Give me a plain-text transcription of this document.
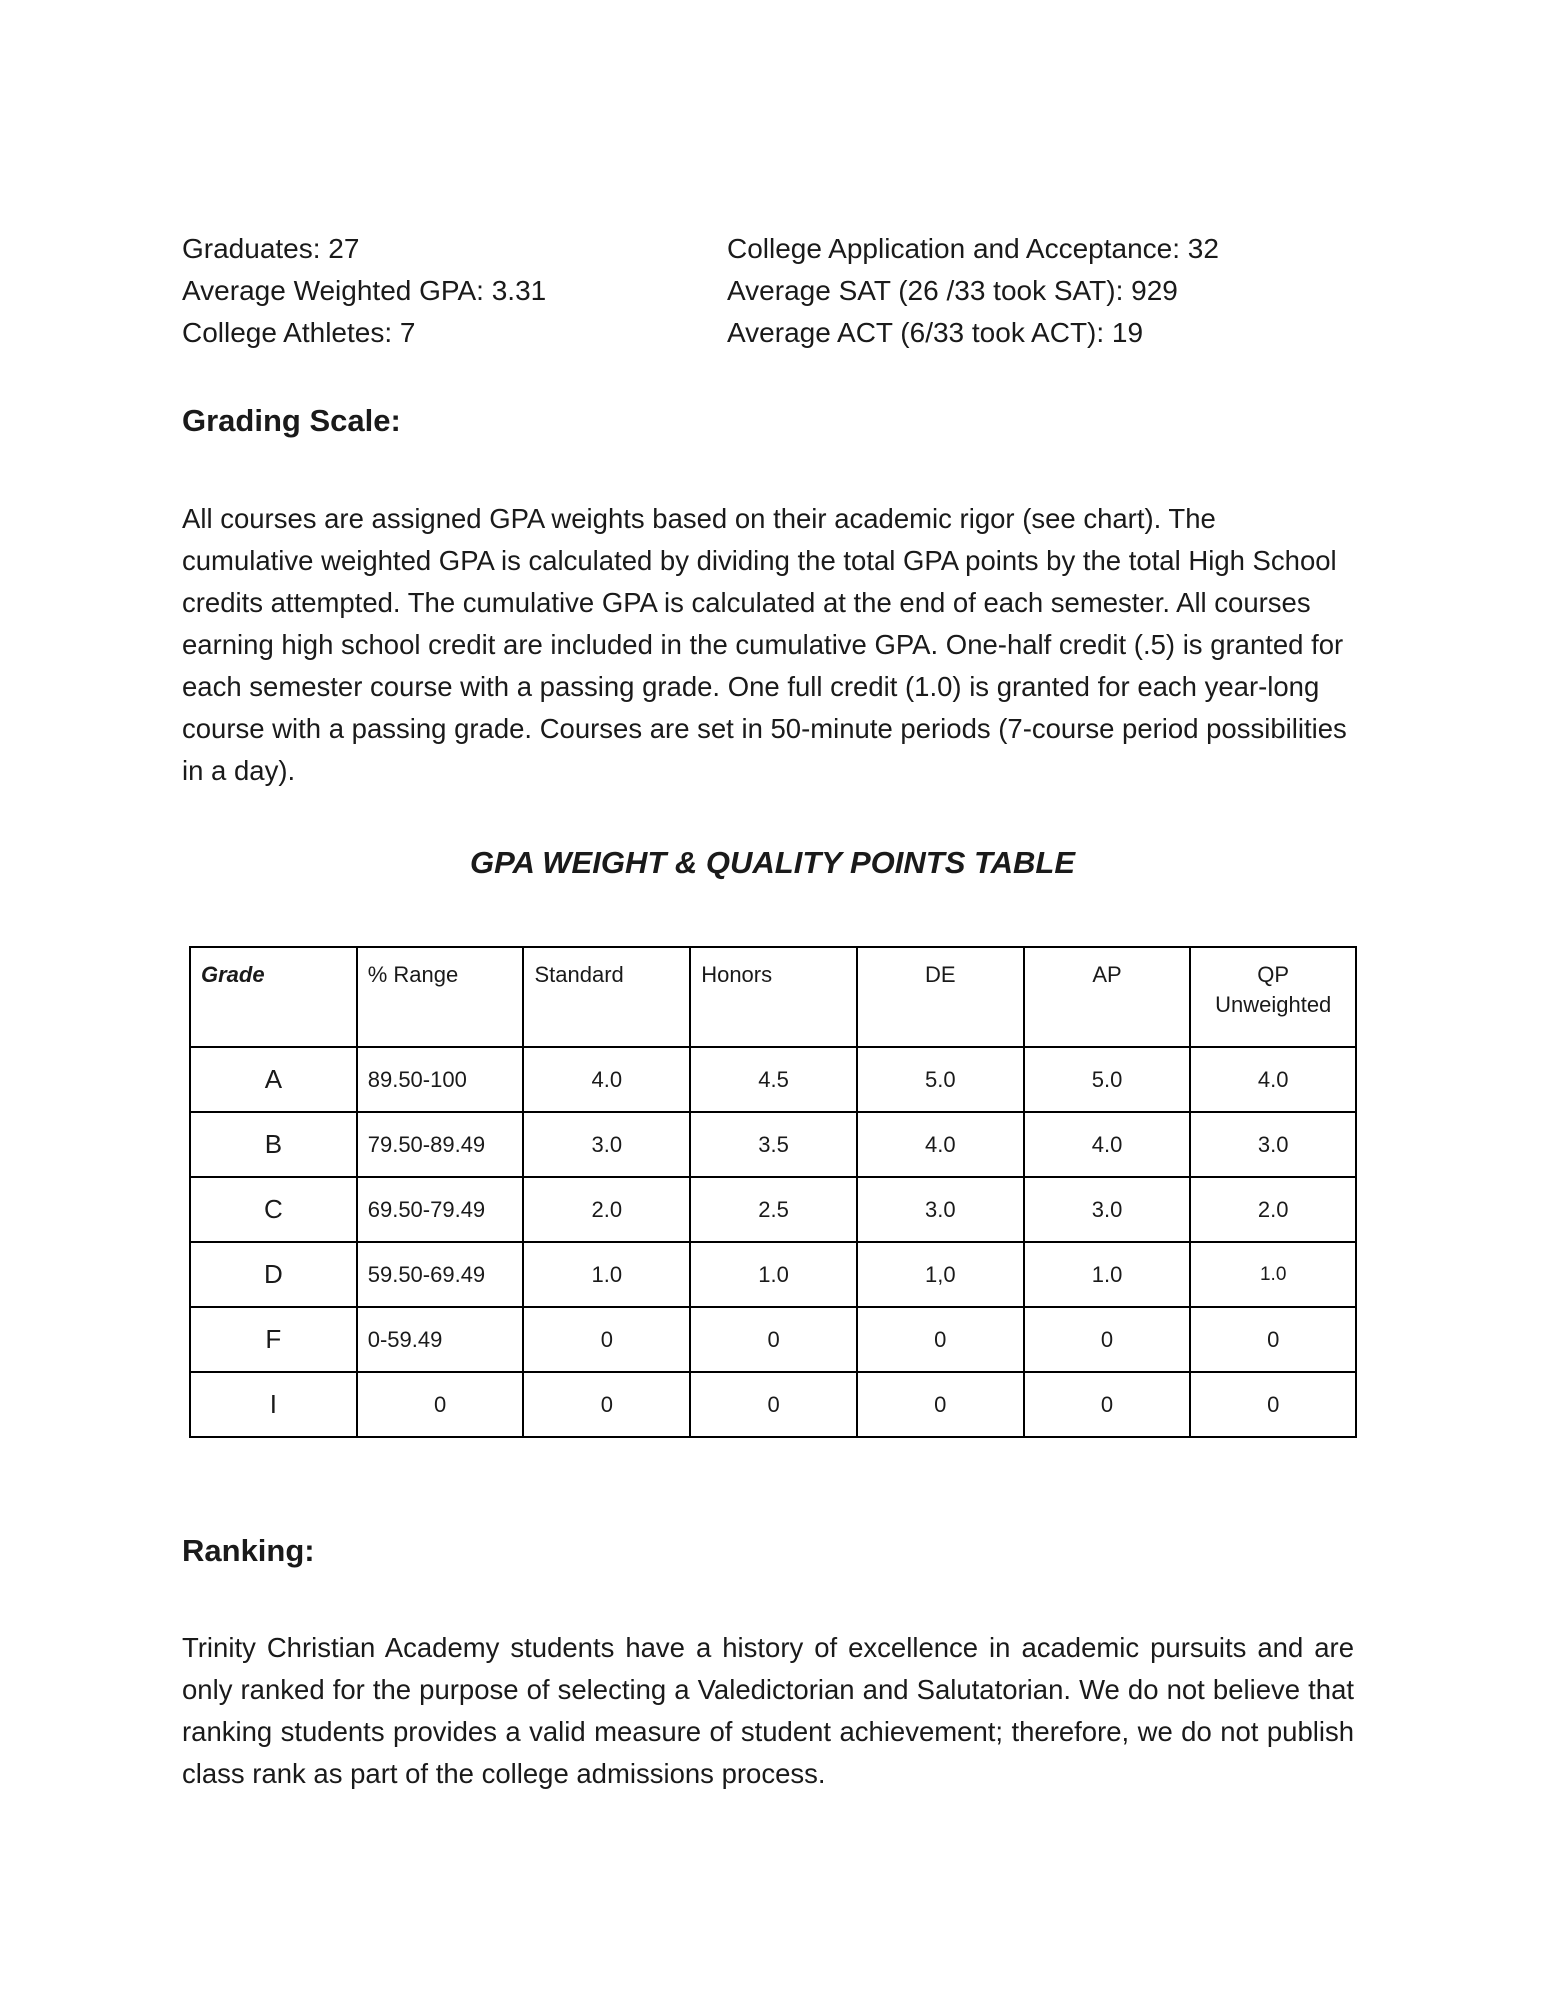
Graduates: 27
Average Weighted GPA: 3.31
College Athletes: 7
College Application and Acceptance: 32
Average SAT (26 /33 took SAT): 929
Average ACT (6/33 took ACT): 19
Grading Scale:

All courses are assigned GPA weights based on their academic rigor (see chart). The cumulative weighted GPA is calculated by dividing the total GPA points by the total High School credits attempted. The cumulative GPA is calculated at the end of each semester. All courses earning high school credit are included in the cumulative GPA. One-half credit (.5) is granted for each semester course with a passing grade. One full credit (1.0) is granted for each year-long course with a passing grade. Courses are set in 50-minute periods (7-course period possibilities in a day).

GPA WEIGHT & QUALITY POINTS TABLE
Grade	% Range	Standard	Honors	DE	AP	QP
Unweighted

A	89.50-100	4.0	4.5	5.0	5.0	4.0
B	79.50-89.49	3.0	3.5	4.0	4.0	3.0
C	69.50-79.49	2.0	2.5	3.0	3.0	2.0
D	59.50-69.49	1.0	1.0	1,0	1.0	1.0
F	0-59.49	0	0	0	0	0
I	0	0	0	0	0	0
Ranking:

Trinity Christian Academy students have a history of excellence in academic pursuits and are only ranked for the purpose of selecting a Valedictorian and Salutatorian. We do not believe that ranking students provides a valid measure of student achievement; therefore, we do not publish class rank as part of the college admissions process.
